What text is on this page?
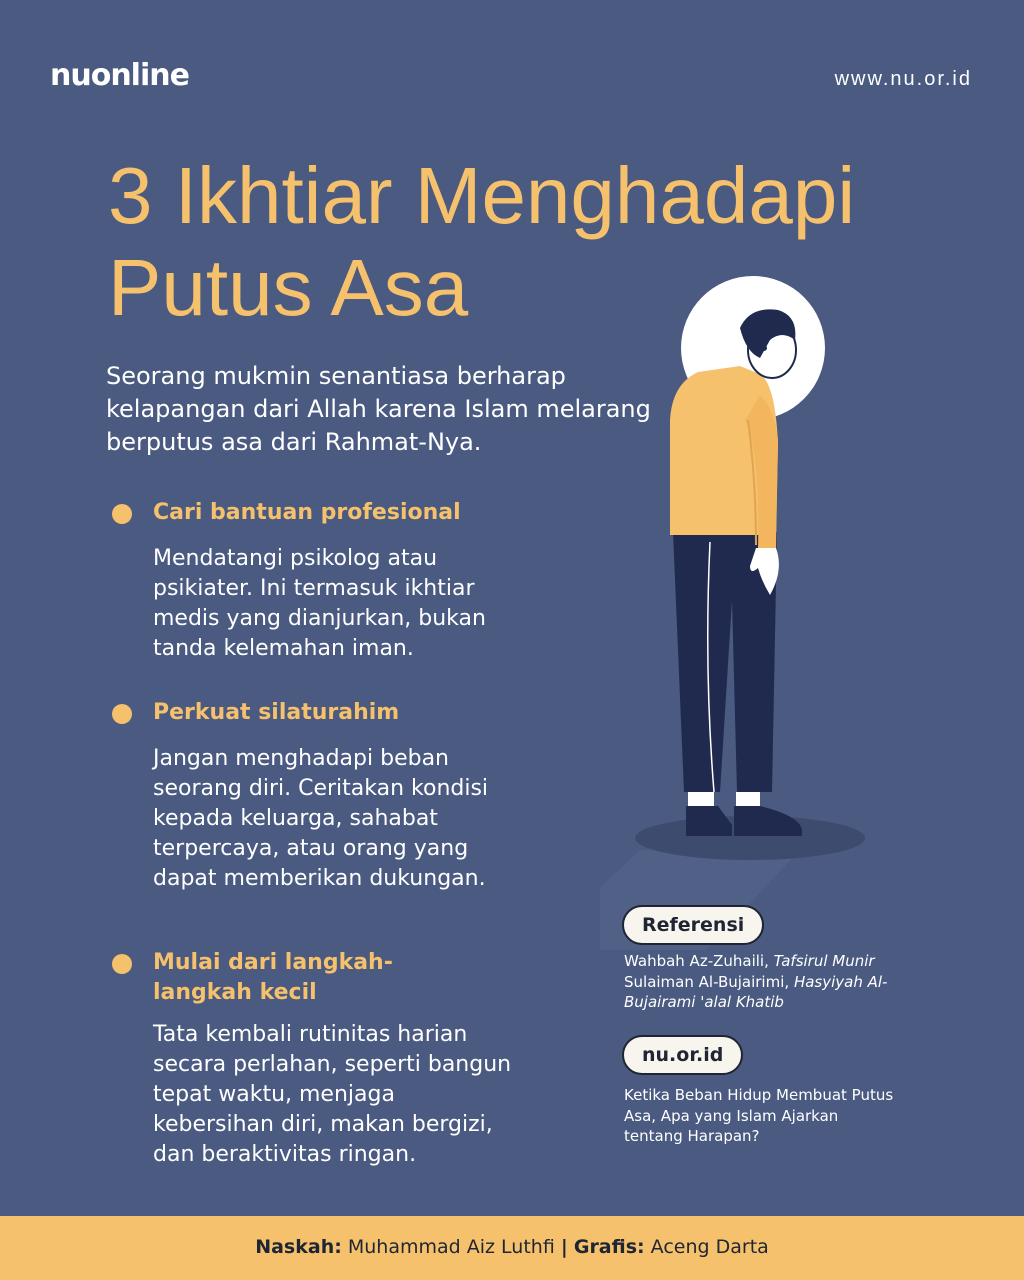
nuonline	www.nu.or.id
3 Ikhtiar Menghadapi
Putus Asa

Seorang mukmin senantiasa berharap kelapangan dari Allah karena Islam melarang berputus asa dari Rahmat-Nya.

Cari bantuan profesional
Mendatangi psikolog atau psikiater. Ini termasuk ikhtiar medis yang dianjurkan, bukan tanda kelemahan iman.
Perkuat silaturahim
Jangan menghadapi beban seorang diri. Ceritakan kondisi kepada keluarga, sahabat terpercaya, atau orang yang dapat memberikan dukungan.
Mulai dari langkah-langkah kecil
Tata kembali rutinitas harian secara perlahan, seperti bangun tepat waktu, menjaga kebersihan diri, makan bergizi, dan beraktivitas ringan.
Referensi
Wahbah Az-Zuhaili, Tafsirul Munir Sulaiman Al-Bujairimi, Hasyiyah Al-Bujairami 'alal Khatib
nu.or.id
Ketika Beban Hidup Membuat Putus Asa, Apa yang Islam Ajarkan tentang Harapan?
Naskah: Muhammad Aiz Luthfi | Grafis: Aceng Darta
